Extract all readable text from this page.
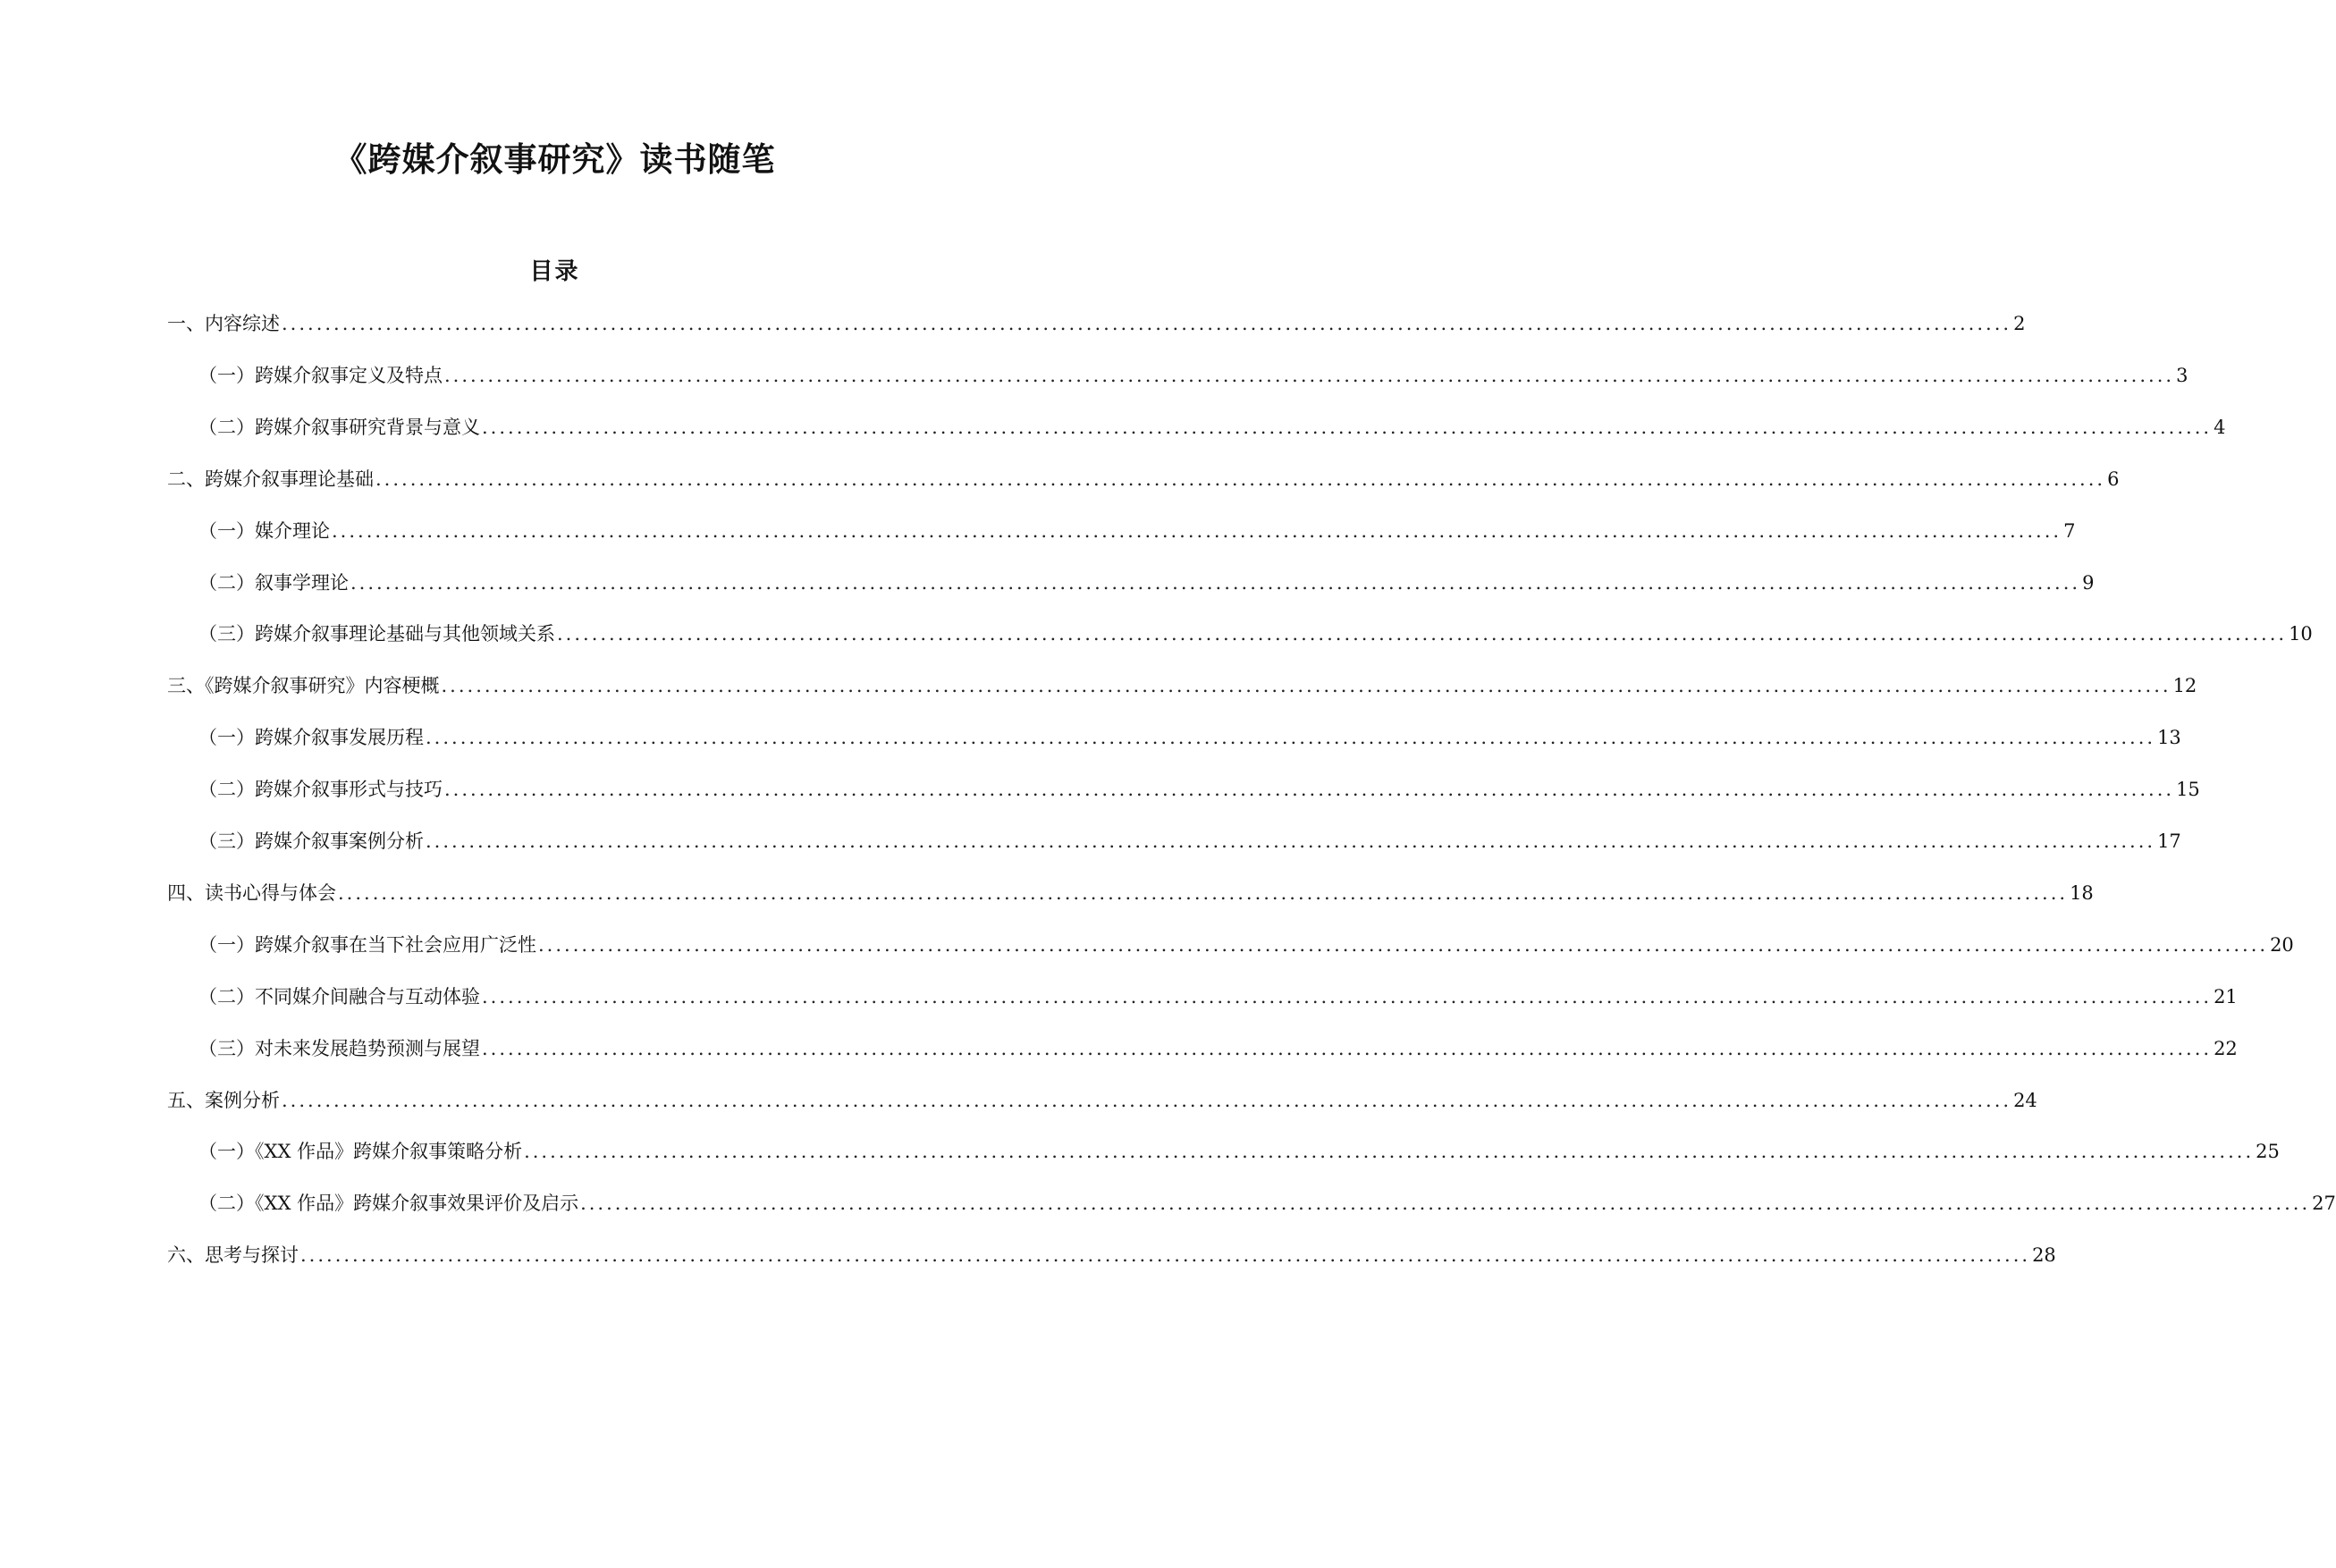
《跨媒介叙事研究》读书随笔
目录
一、内容综述 ........................................................................................................................................................................................................ 2
（一）跨媒介叙事定义及特点 ........................................................................................................................................................................................................ 3
（二）跨媒介叙事研究背景与意义 ........................................................................................................................................................................................................ 4
二、跨媒介叙事理论基础 ........................................................................................................................................................................................................ 6
（一）媒介理论 ........................................................................................................................................................................................................ 7
（二）叙事学理论 ........................................................................................................................................................................................................ 9
（三）跨媒介叙事理论基础与其他领域关系 ........................................................................................................................................................................................................ 10
三、《跨媒介叙事研究》内容梗概 ........................................................................................................................................................................................................ 12
（一）跨媒介叙事发展历程 ........................................................................................................................................................................................................ 13
（二）跨媒介叙事形式与技巧 ........................................................................................................................................................................................................ 15
（三）跨媒介叙事案例分析 ........................................................................................................................................................................................................ 17
四、读书心得与体会 ........................................................................................................................................................................................................ 18
（一）跨媒介叙事在当下社会应用广泛性 ........................................................................................................................................................................................................ 20
（二）不同媒介间融合与互动体验 ........................................................................................................................................................................................................ 21
（三）对未来发展趋势预测与展望 ........................................................................................................................................................................................................ 22
五、案例分析 ........................................................................................................................................................................................................ 24
（一）《XX 作品》跨媒介叙事策略分析 ........................................................................................................................................................................................................ 25
（二）《XX 作品》跨媒介叙事效果评价及启示 ........................................................................................................................................................................................................ 27
六、思考与探讨 ........................................................................................................................................................................................................ 28
